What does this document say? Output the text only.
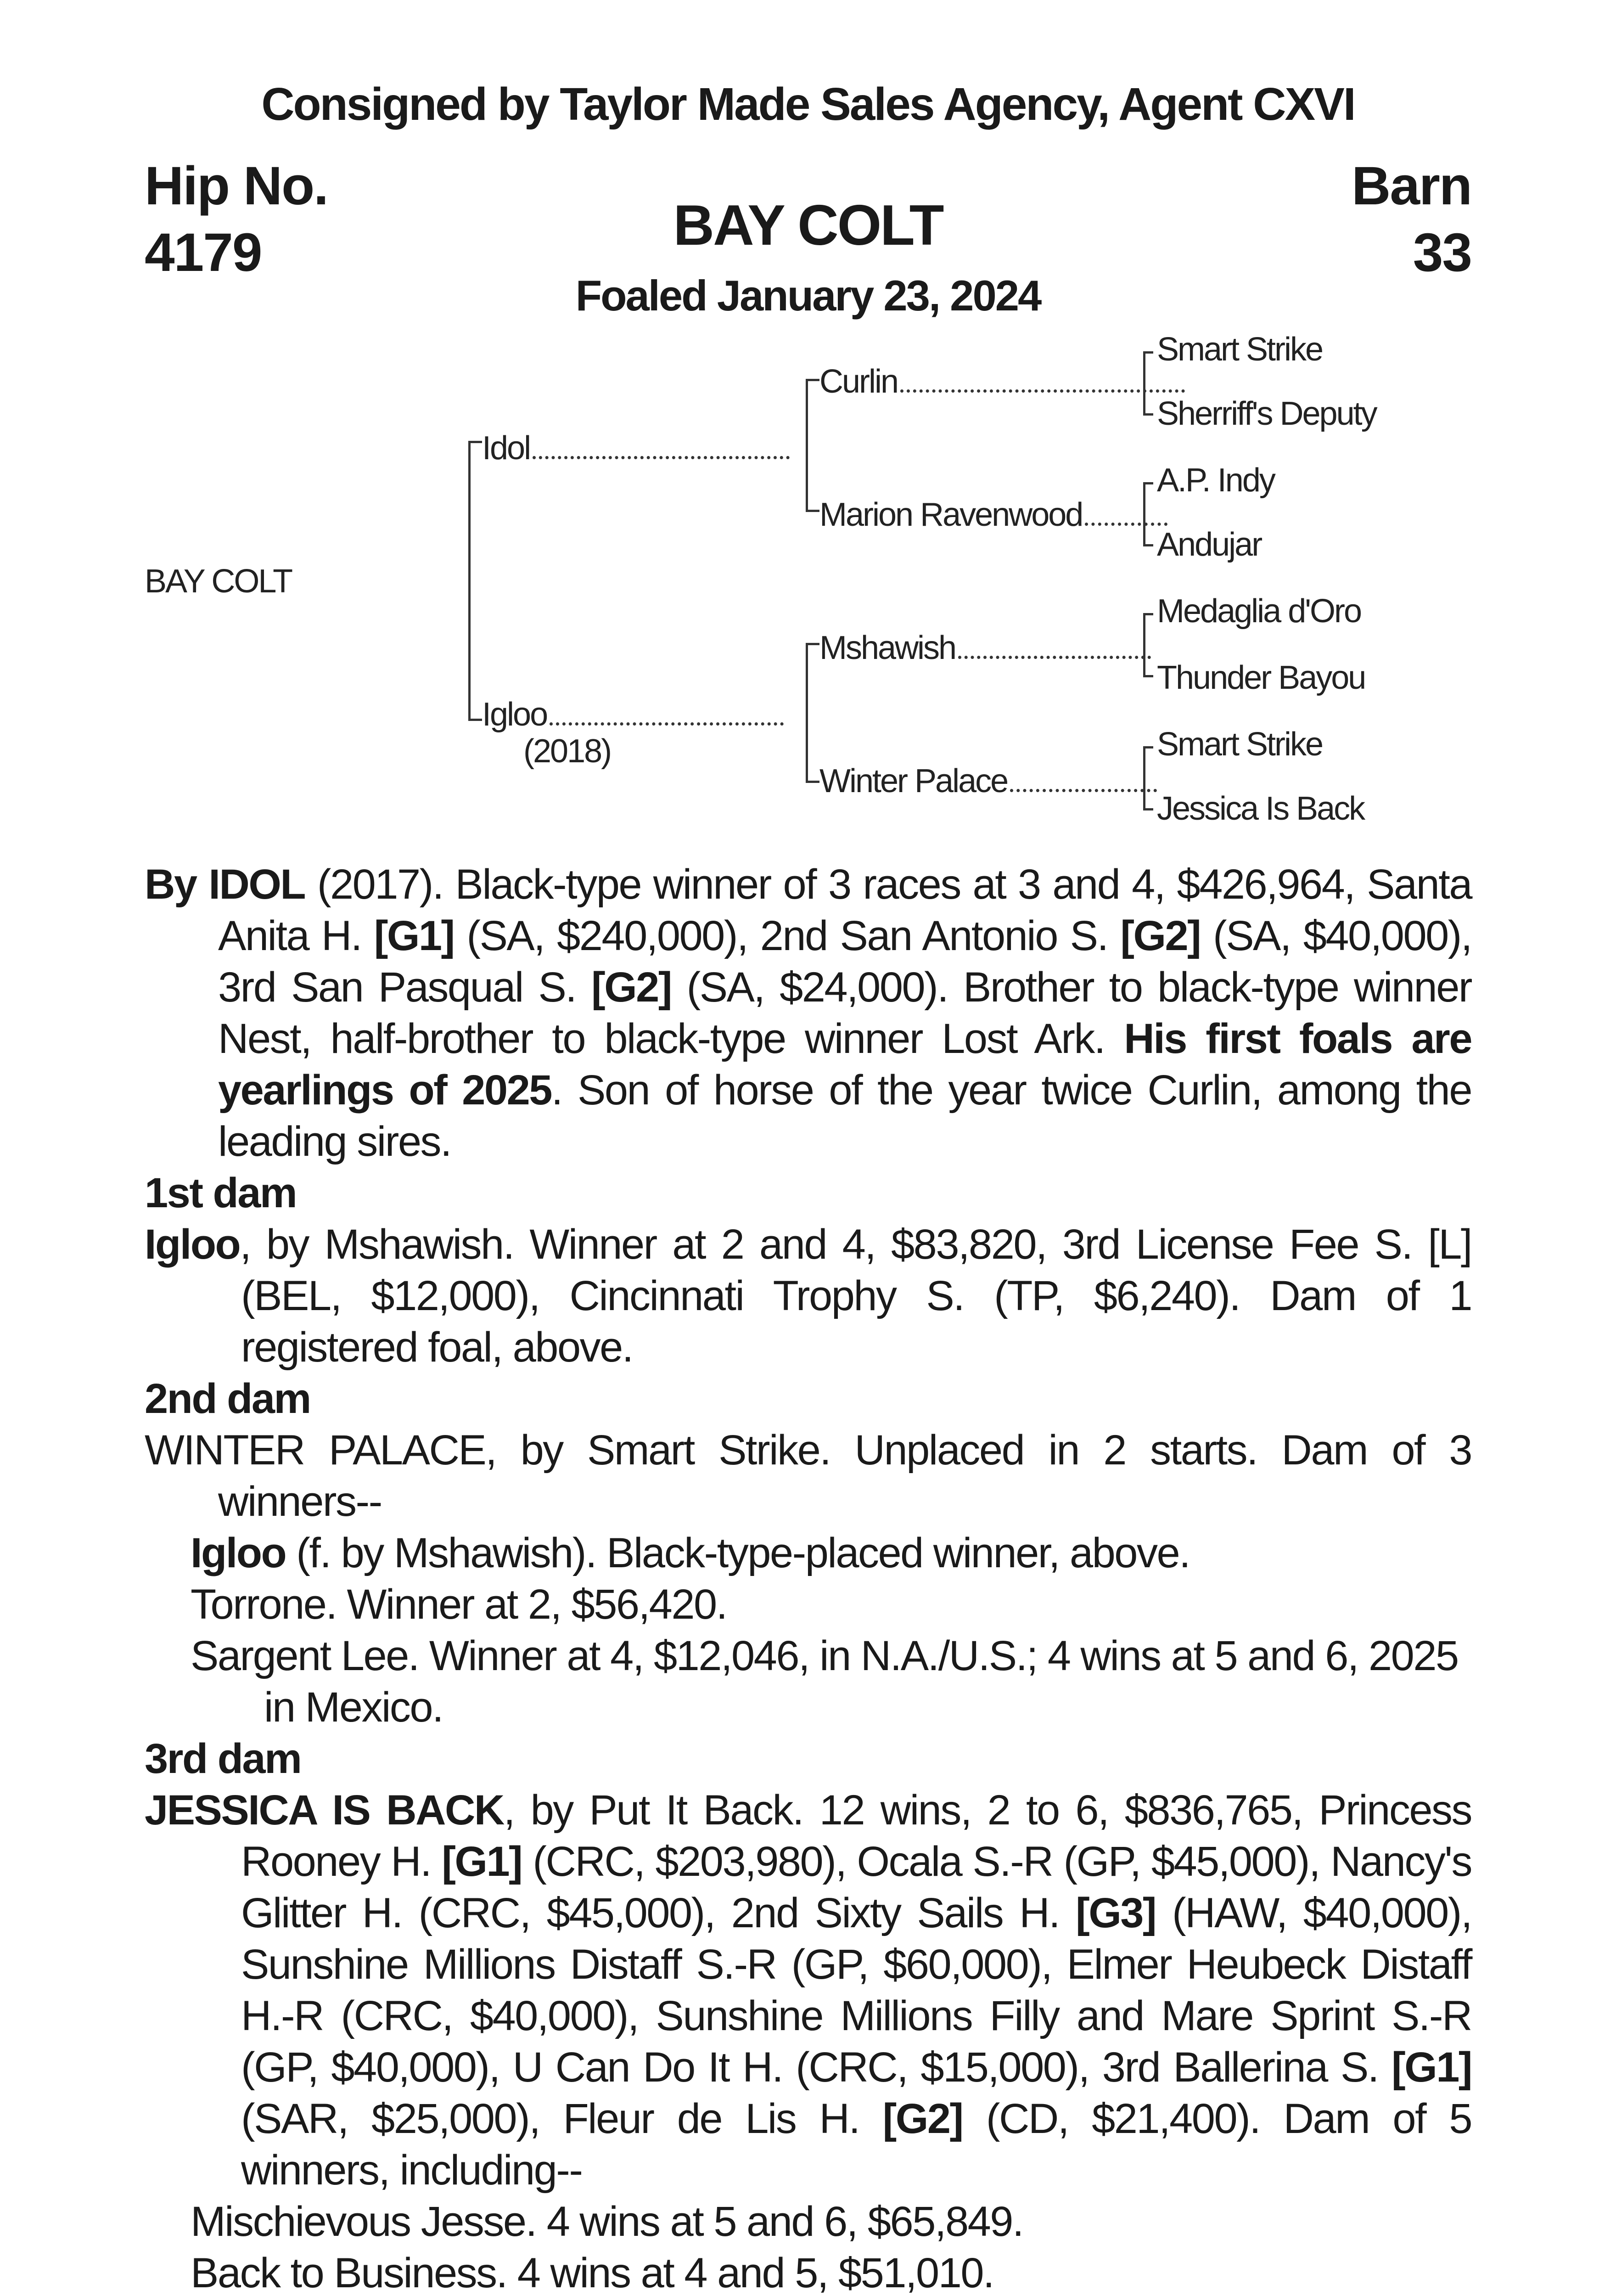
Consigned by Taylor Made Sales Agency, Agent CXVI
Hip No.
4179
Barn
33
BAY COLT
Foaled January 23, 2024
BAY COLT
Idol
Igloo
(2018)
Curlin
Marion Ravenwood
Mshawish
Winter Palace
Smart Strike
Sherriff's Deputy
A.P. Indy
Andujar
Medaglia d'Oro
Thunder Bayou
Smart Strike
Jessica Is Back

By IDOL (2017). Black-type winner of 3 races at 3 and 4, $426,964, Santa Anita H. [G1] (SA, $240,000), 2nd San Antonio S. [G2] (SA, $40,000), 3rd San Pasqual S. [G2] (SA, $24,000). Brother to black-type winner Nest, half-brother to black-type winner Lost Ark. His first foals are yearlings of 2025. Son of horse of the year twice Curlin, among the leading sires.

1st dam

Igloo, by Mshawish. Winner at 2 and 4, $83,820, 3rd License Fee S. [L] (BEL, $12,000), Cincinnati Trophy S. (TP, $6,240). Dam of 1 registered foal, above.

2nd dam

WINTER PALACE, by Smart Strike. Unplaced in 2 starts. Dam of 3 winners--

Igloo (f. by Mshawish). Black-type-placed winner, above.

Torrone. Winner at 2, $56,420.

Sargent Lee. Winner at 4, $12,046, in N.A./U.S.; 4 wins at 5 and 6, 2025 in Mexico.

3rd dam

JESSICA IS BACK, by Put It Back. 12 wins, 2 to 6, $836,765, Princess Rooney H. [G1] (CRC, $203,980), Ocala S.-R (GP, $45,000), Nancy's Glitter H. (CRC, $45,000), 2nd Sixty Sails H. [G3] (HAW, $40,000), Sunshine Millions Distaff S.-R (GP, $60,000), Elmer Heubeck Distaff H.-R (CRC, $40,000), Sunshine Millions Filly and Mare Sprint S.-R (GP, $40,000), U Can Do It H. (CRC, $15,000), 3rd Ballerina S. [G1] (SAR, $25,000), Fleur de Lis H. [G2] (CD, $21,400). Dam of 5 winners, including--

Mischievous Jesse. 4 wins at 5 and 6, $65,849.

Back to Business. 4 wins at 4 and 5, $51,010.
